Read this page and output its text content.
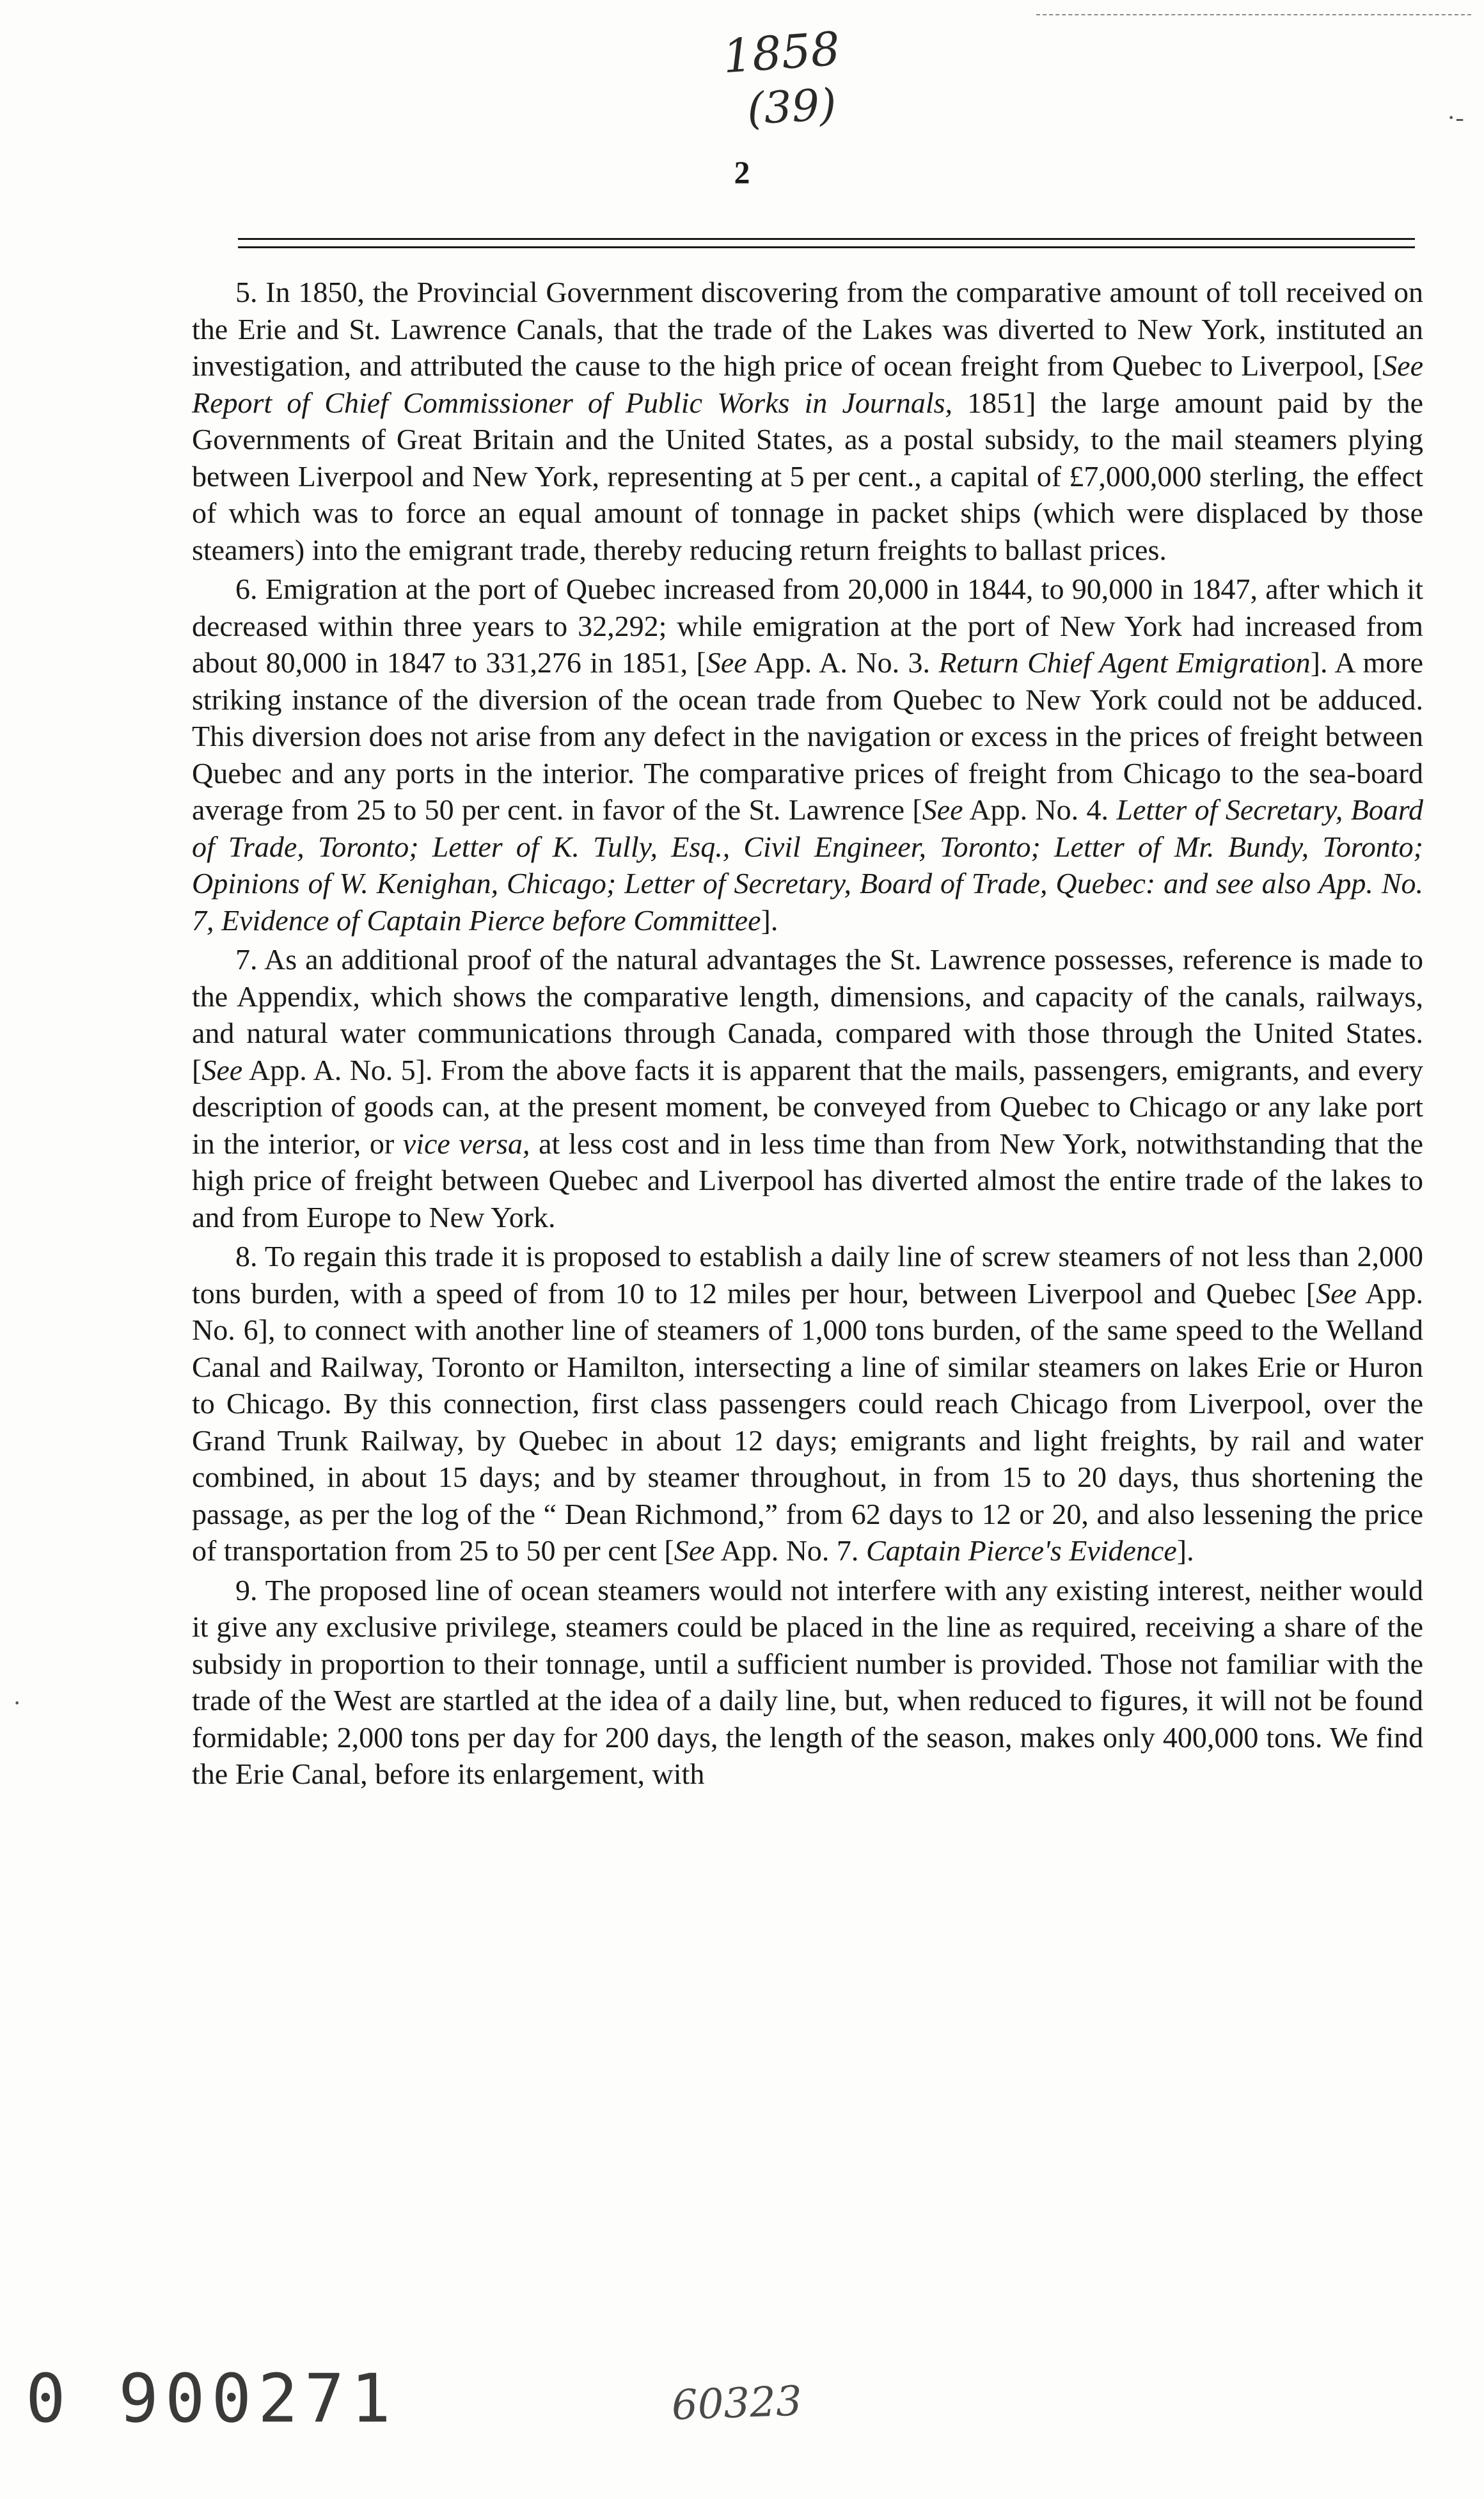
1858
(39)	·-
·
2

5. In 1850, the Provincial Government discovering from the comparative amount of toll received on the Erie and St. Lawrence Canals, that the trade of the Lakes was diverted to New York, instituted an investigation, and attributed the cause to the high price of ocean freight from Quebec to Liverpool, [See Report of Chief Commissioner of Public Works in Journals, 1851] the large amount paid by the Governments of Great Britain and the United States, as a postal subsidy, to the mail steamers plying between Liverpool and New York, representing at 5 per cent., a capital of £7,000,000 sterling, the effect of which was to force an equal amount of tonnage in packet ships (which were displaced by those steamers) into the emigrant trade, thereby reducing return freights to ballast prices.

6. Emigration at the port of Quebec increased from 20,000 in 1844, to 90,000 in 1847, after which it decreased within three years to 32,292; while emigration at the port of New York had increased from about 80,000 in 1847 to 331,276 in 1851, [See App. A. No. 3. Return Chief Agent Emigration]. A more striking instance of the diversion of the ocean trade from Quebec to New York could not be adduced. This diversion does not arise from any defect in the navigation or excess in the prices of freight between Quebec and any ports in the interior. The comparative prices of freight from Chicago to the sea-board average from 25 to 50 per cent. in favor of the St. Lawrence [See App. No. 4. Letter of Secretary, Board of Trade, Toronto; Letter of K. Tully, Esq., Civil Engineer, Toronto; Letter of Mr. Bundy, Toronto; Opinions of W. Kenighan, Chicago; Letter of Secretary, Board of Trade, Quebec: and see also App. No. 7, Evidence of Captain Pierce before Committee].

7. As an additional proof of the natural advantages the St. Lawrence possesses, reference is made to the Appendix, which shows the comparative length, dimensions, and capacity of the canals, railways, and natural water communications through Canada, compared with those through the United States. [See App. A. No. 5]. From the above facts it is apparent that the mails, passengers, emigrants, and every description of goods can, at the present moment, be conveyed from Quebec to Chicago or any lake port in the interior, or vice versa, at less cost and in less time than from New York, notwithstanding that the high price of freight between Quebec and Liverpool has diverted almost the entire trade of the lakes to and from Europe to New York.

8. To regain this trade it is proposed to establish a daily line of screw steamers of not less than 2,000 tons burden, with a speed of from 10 to 12 miles per hour, between Liverpool and Quebec [See App. No. 6], to connect with another line of steamers of 1,000 tons burden, of the same speed to the Welland Canal and Railway, Toronto or Hamilton, intersecting a line of similar steamers on lakes Erie or Huron to Chicago. By this connection, first class passengers could reach Chicago from Liverpool, over the Grand Trunk Railway, by Quebec in about 12 days; emigrants and light freights, by rail and water combined, in about 15 days; and by steamer throughout, in from 15 to 20 days, thus shortening the passage, as per the log of the “ Dean Richmond,” from 62 days to 12 or 20, and also lessening the price of transportation from 25 to 50 per cent [See App. No. 7. Captain Pierce's Evidence].

9. The proposed line of ocean steamers would not interfere with any existing interest, neither would it give any exclusive privilege, steamers could be placed in the line as required, receiving a share of the subsidy in proportion to their tonnage, until a sufficient number is provided. Those not familiar with the trade of the West are startled at the idea of a daily line, but, when reduced to figures, it will not be found formidable; 2,000 tons per day for 200 days, the length of the season, makes only 400,000 tons. We find the Erie Canal, before its enlargement, with

0 900271	60323
